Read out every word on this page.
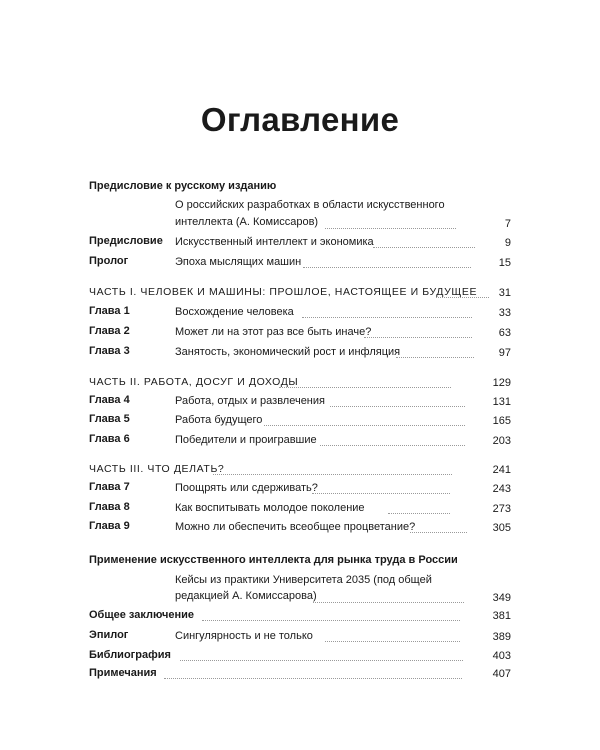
Оглавление
Предисловие к русскому изданию
О российских разработках в области искусственного
интеллекта (А. Комиссаров)	7
Предисловие Искусственный интеллект и экономика	9
Пролог	Эпоха мыслящих машин	15
ЧАСТЬ I. ЧЕЛОВЕК И МАШИНЫ: ПРОШЛОЕ, НАСТОЯЩЕЕ И БУДУЩЕЕ	31
Глава 1	Восхождение человека	33
Глава 2	Может ли на этот раз все быть иначе?	63
Глава 3	Занятость, экономический рост и инфляция	97
ЧАСТЬ II. РАБОТА, ДОСУГ И ДОХОДЫ	129
Глава 4	Работа, отдых и развлечения	131
Глава 5	Работа будущего	165
Глава 6	Победители и проигравшие	203
ЧАСТЬ III. ЧТО ДЕЛАТЬ?	241
Глава 7	Поощрять или сдерживать?	243
Глава 8	Как воспитывать молодое поколение	273
Глава 9	Можно ли обеспечить всеобщее процветание?	305
Применение искусственного интеллекта для рынка труда в России
Кейсы из практики Университета 2035 (под общей
редакцией А. Комиссарова)	349
Общее заключение	381
Эпилог	Сингулярность и не только	389
Библиография	403
Примечания	407
